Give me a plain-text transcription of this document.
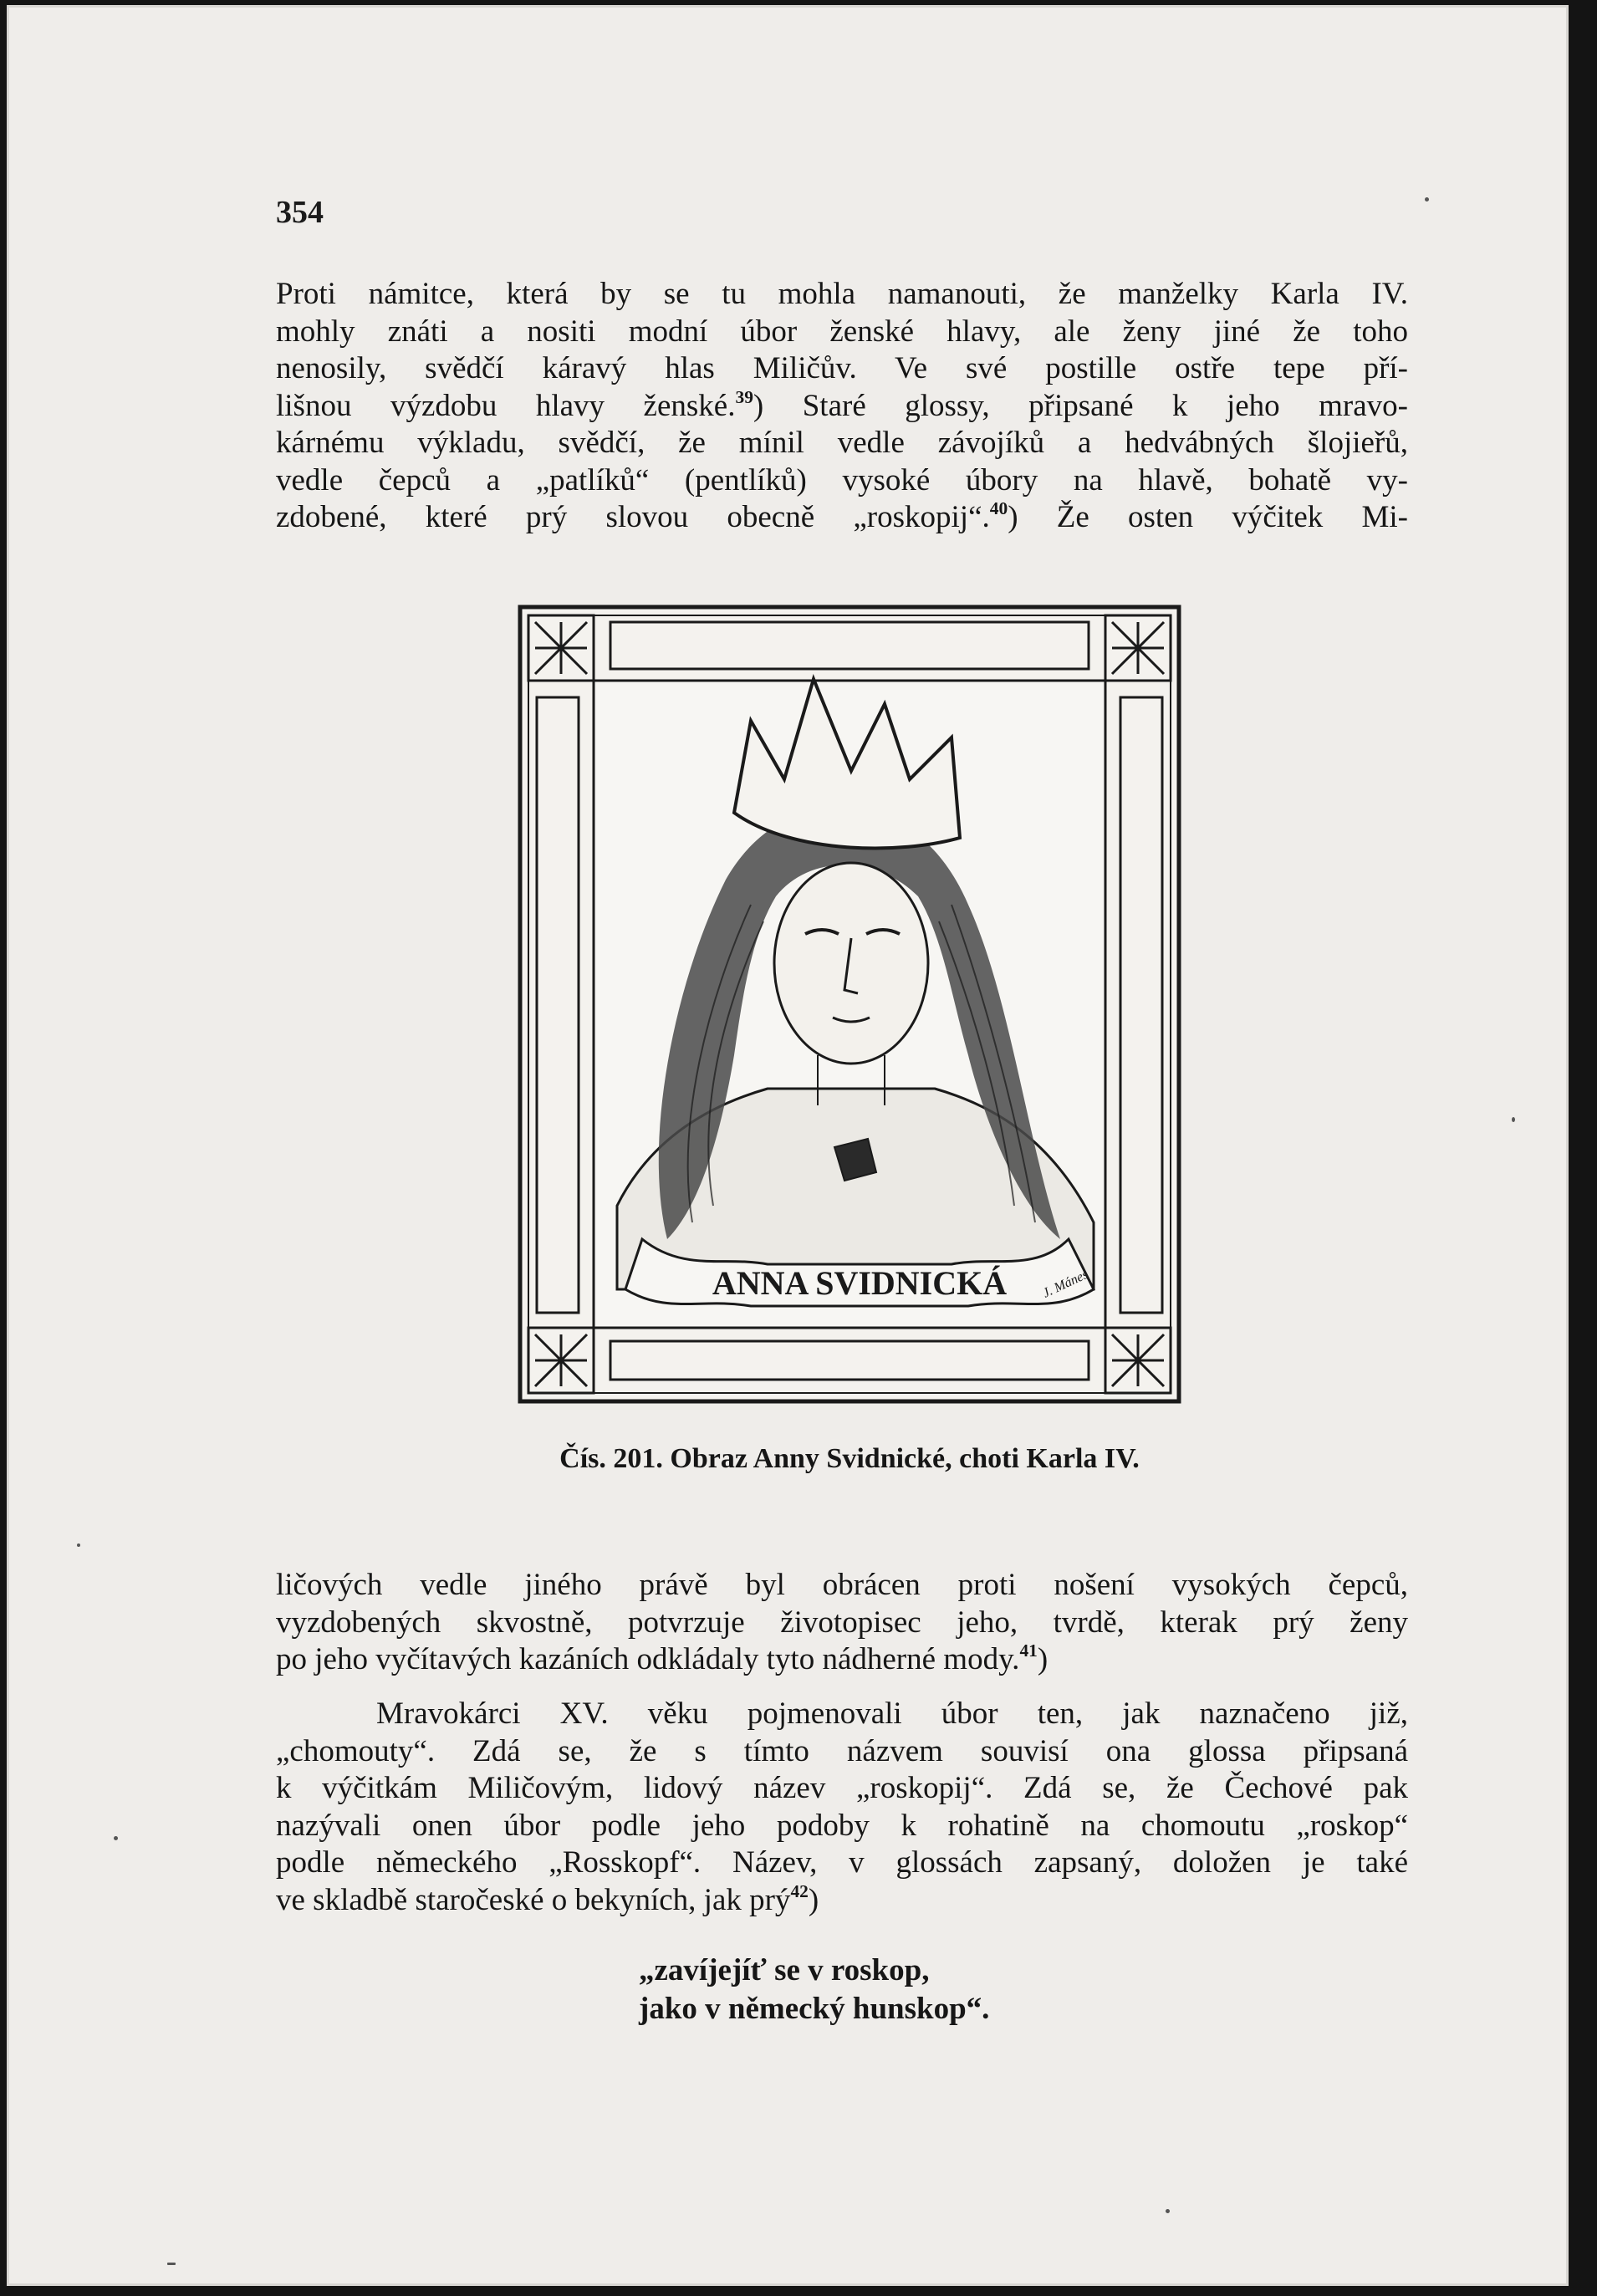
354

Proti námitce, která by se tu mohla namanouti, že manželky Karla IV.
mohly znáti a nositi modní úbor ženské hlavy, ale ženy jiné že toho
nenosily, svědčí káravý hlas Miličův. Ve své postille ostře tepe pří-
lišnou výzdobu hlavy ženské.$^{39}$) Staré glossy, připsané k jeho mravo-
kárnému výkladu, svědčí, že mínil vedle závojíků a hedvábných šlojieřů,
vedle čepců a „patlíků“ (pentlíků) vysoké úbory na hlavě, bohatě vy-
zdobené, které prý slovou obecně „roskopij“.$^{40}$) Že osten výčitek Mi-

ANNA SVIDNICKÁ	J. Mánes
Čís. 201. Obraz Anny Svidnické, choti Karla IV.

ličových vedle jiného právě byl obrácen proti nošení vysokých čepců,
vyzdobených skvostně, potvrzuje životopisec jeho, tvrdě, kterak prý ženy
po jeho vyčítavých kazáních odkládaly tyto nádherné mody.$^{41}$)

Mravokárci XV. věku pojmenovali úbor ten, jak naznačeno již,
„chomouty“. Zdá se, že s tímto názvem souvisí ona glossa připsaná
k výčitkám Miličovým, lidový název „roskopij“. Zdá se, že Čechové pak
nazývali onen úbor podle jeho podoby k rohatině na chomoutu „roskop“
podle německého „Rosskopf“. Název, v glossách zapsaný, doložen je také
ve skladbě staročeské o bekyních, jak prý$^{42}$)

„zavíjejíť se v roskop,
jako v německý hunskop“.
